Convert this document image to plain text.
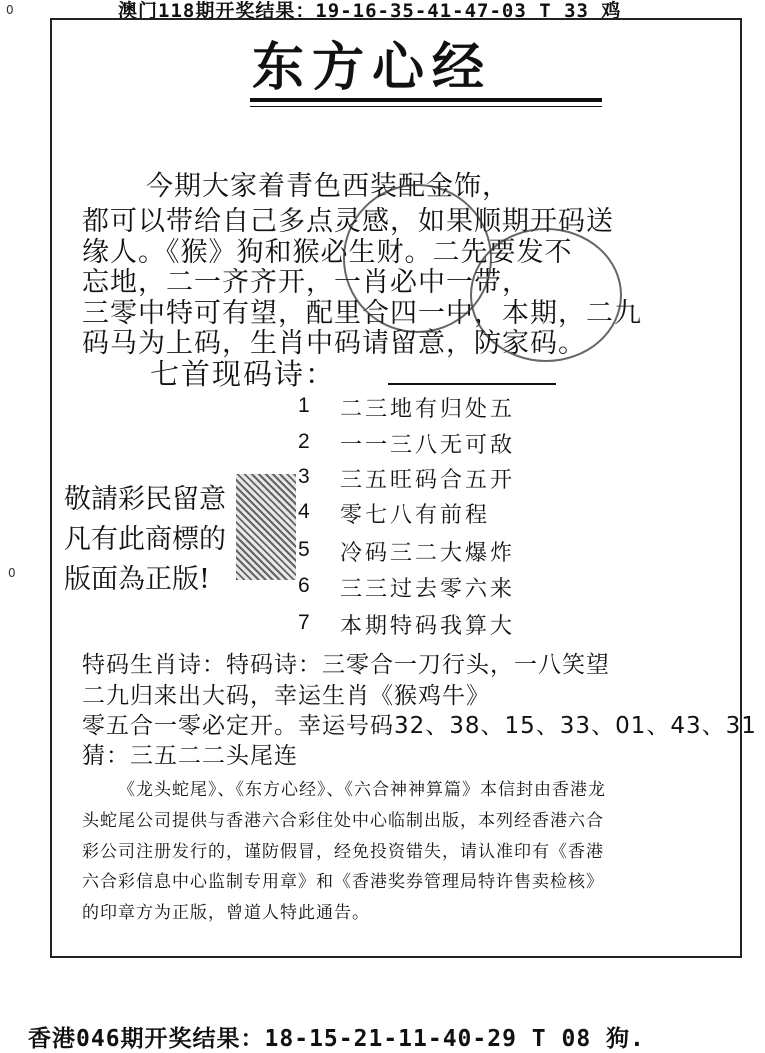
澳门118期开奖结果：19-16-35-41-47-03 T 33 鸡
东方心经
今期大家着青色西装配金饰，
都可以带给自己多点灵感，如果顺期开码送
缘人。《猴》狗和猴必生财。二先要发不
忘地，二一齐齐开，一肖必中一带，
三零中特可有望，配里合四一中，本期，二九
码马为上码，生肖中码请留意，防家码。
七首现码诗：
1 二三地有归处五
2 一一三八无可敌
3 三五旺码合五开
4 零七八有前程
5 冷码三二大爆炸
6 三三过去零六来
7 本期特码我算大
敬請彩民留意
凡有此商標的
版面為正版!
特码生肖诗：特码诗：三零合一刀行头，一八笑望
二九归来出大码，幸运生肖《猴鸡牛》
零五合一零必定开。幸运号码32、38、15、33、01、43、31
猜：三五二二头尾连
《龙头蛇尾》、《东方心经》、《六合神神算篇》本信封由香港龙
头蛇尾公司提供与香港六合彩住处中心临制出版，本列经香港六合
彩公司注册发行的，谨防假冒，经免投资错失，请认准印有《香港
六合彩信息中心监制专用章》和《香港奖券管理局特许售卖检核》
的印章方为正版，曾道人特此通告。
0
0
香港046期开奖结果：18-15-21-11-40-29 T 08 狗.
